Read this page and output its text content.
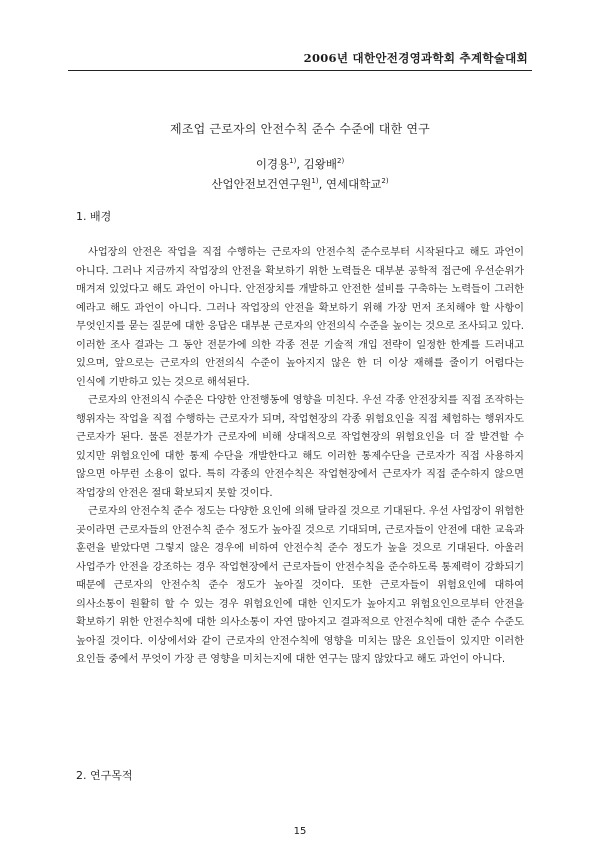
2006년 대한안전경영과학회 추계학술대회
제조업 근로자의 안전수칙 준수 수준에 대한 연구
이경용$^{1)}$, 김왕배$^{2)}$
산업안전보건연구원$^{1)}$, 연세대학교$^{2)}$
1. 배경

사업장의 안전은 작업을 직접 수행하는 근로자의 안전수칙 준수로부터 시작된다고 해도 과언이 아니다. 그러나 지금까지 작업장의 안전을 확보하기 위한 노력들은 대부분 공학적 접근에 우선순위가 매겨져 있었다고 해도 과언이 아니다. 안전장치를 개발하고 안전한 설비를 구축하는 노력들이 그러한 예라고 해도 과언이 아니다. 그러나 작업장의 안전을 확보하기 위해 가장 먼저 조치해야 할 사항이 무엇인지를 묻는 질문에 대한 응답은 대부분 근로자의 안전의식 수준을 높이는 것으로 조사되고 있다. 이러한 조사 결과는 그 동안 전문가에 의한 각종 전문 기술적 개입 전략이 일정한 한계를 드러내고 있으며, 앞으로는 근로자의 안전의식 수준이 높아지지 않은 한 더 이상 재해를 줄이기 어렵다는 인식에 기반하고 있는 것으로 해석된다.

근로자의 안전의식 수준은 다양한 안전행동에 영향을 미친다. 우선 각종 안전장치를 직접 조작하는 행위자는 작업을 직접 수행하는 근로자가 되며, 작업현장의 각종 위험요인을 직접 체험하는 행위자도 근로자가 된다. 물론 전문가가 근로자에 비해 상대적으로 작업현장의 위험요인을 더 잘 발견할 수 있지만 위험요인에 대한 통제 수단을 개발한다고 해도 이러한 통제수단을 근로자가 직접 사용하지 않으면 아무런 소용이 없다. 특히 각종의 안전수칙은 작업현장에서 근로자가 직접 준수하지 않으면 작업장의 안전은 절대 확보되지 못할 것이다.

근로자의 안전수칙 준수 정도는 다양한 요인에 의해 달라질 것으로 기대된다. 우선 사업장이 위험한 곳이라면 근로자들의 안전수칙 준수 정도가 높아질 것으로 기대되며, 근로자들이 안전에 대한 교육과 훈련을 받았다면 그렇지 않은 경우에 비하여 안전수칙 준수 정도가 높을 것으로 기대된다. 아울러 사업주가 안전을 강조하는 경우 작업현장에서 근로자들이 안전수칙을 준수하도록 통제력이 강화되기 때문에 근로자의 안전수칙 준수 정도가 높아질 것이다. 또한 근로자들이 위험요인에 대하여 의사소통이 원활히 할 수 있는 경우 위험요인에 대한 인지도가 높아지고 위험요인으로부터 안전을 확보하기 위한 안전수칙에 대한 의사소통이 자연 많아지고 결과적으로 안전수칙에 대한 준수 수준도 높아질 것이다. 이상에서와 같이 근로자의 안전수칙에 영향을 미치는 많은 요인들이 있지만 이러한 요인들 중에서 무엇이 가장 큰 영향을 미치는지에 대한 연구는 많지 않았다고 해도 과언이 아니다.

2. 연구목적
15
